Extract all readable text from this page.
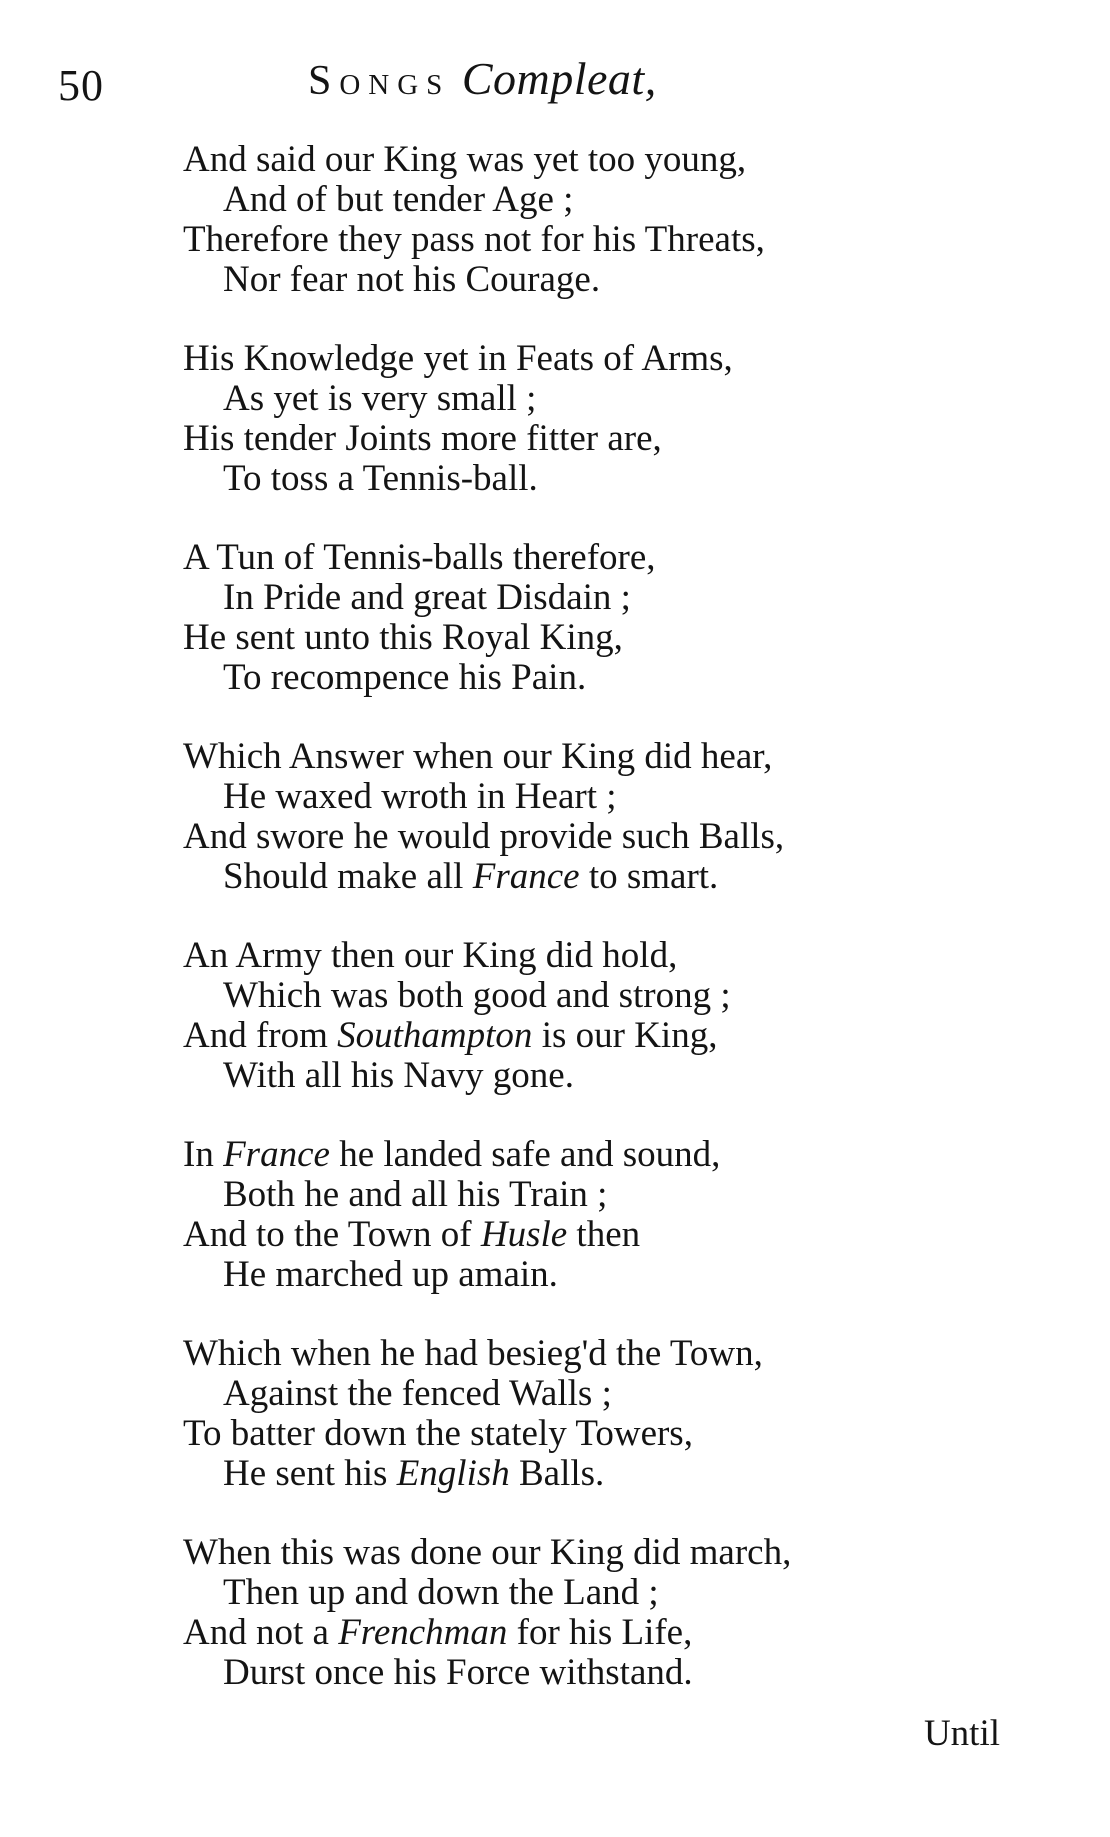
50	Songs Compleat,
And said our King was yet too young,
And of but tender Age ;
Therefore they pass not for his Threats,
Nor fear not his Courage.
His Knowledge yet in Feats of Arms,
As yet is very small ;
His tender Joints more fitter are,
To toss a Tennis-ball.
A Tun of Tennis-balls therefore,
In Pride and great Disdain ;
He sent unto this Royal King,
To recompence his Pain.
Which Answer when our King did hear,
He waxed wroth in Heart ;
And swore he would provide such Balls,
Should make all France to smart.
An Army then our King did hold,
Which was both good and strong ;
And from Southampton is our King,
With all his Navy gone.
In France he landed safe and sound,
Both he and all his Train ;
And to the Town of Husle then
He marched up amain.
Which when he had besieg'd the Town,
Against the fenced Walls ;
To batter down the stately Towers,
He sent his English Balls.
When this was done our King did march,
Then up and down the Land ;
And not a Frenchman for his Life,
Durst once his Force withstand.
Until
